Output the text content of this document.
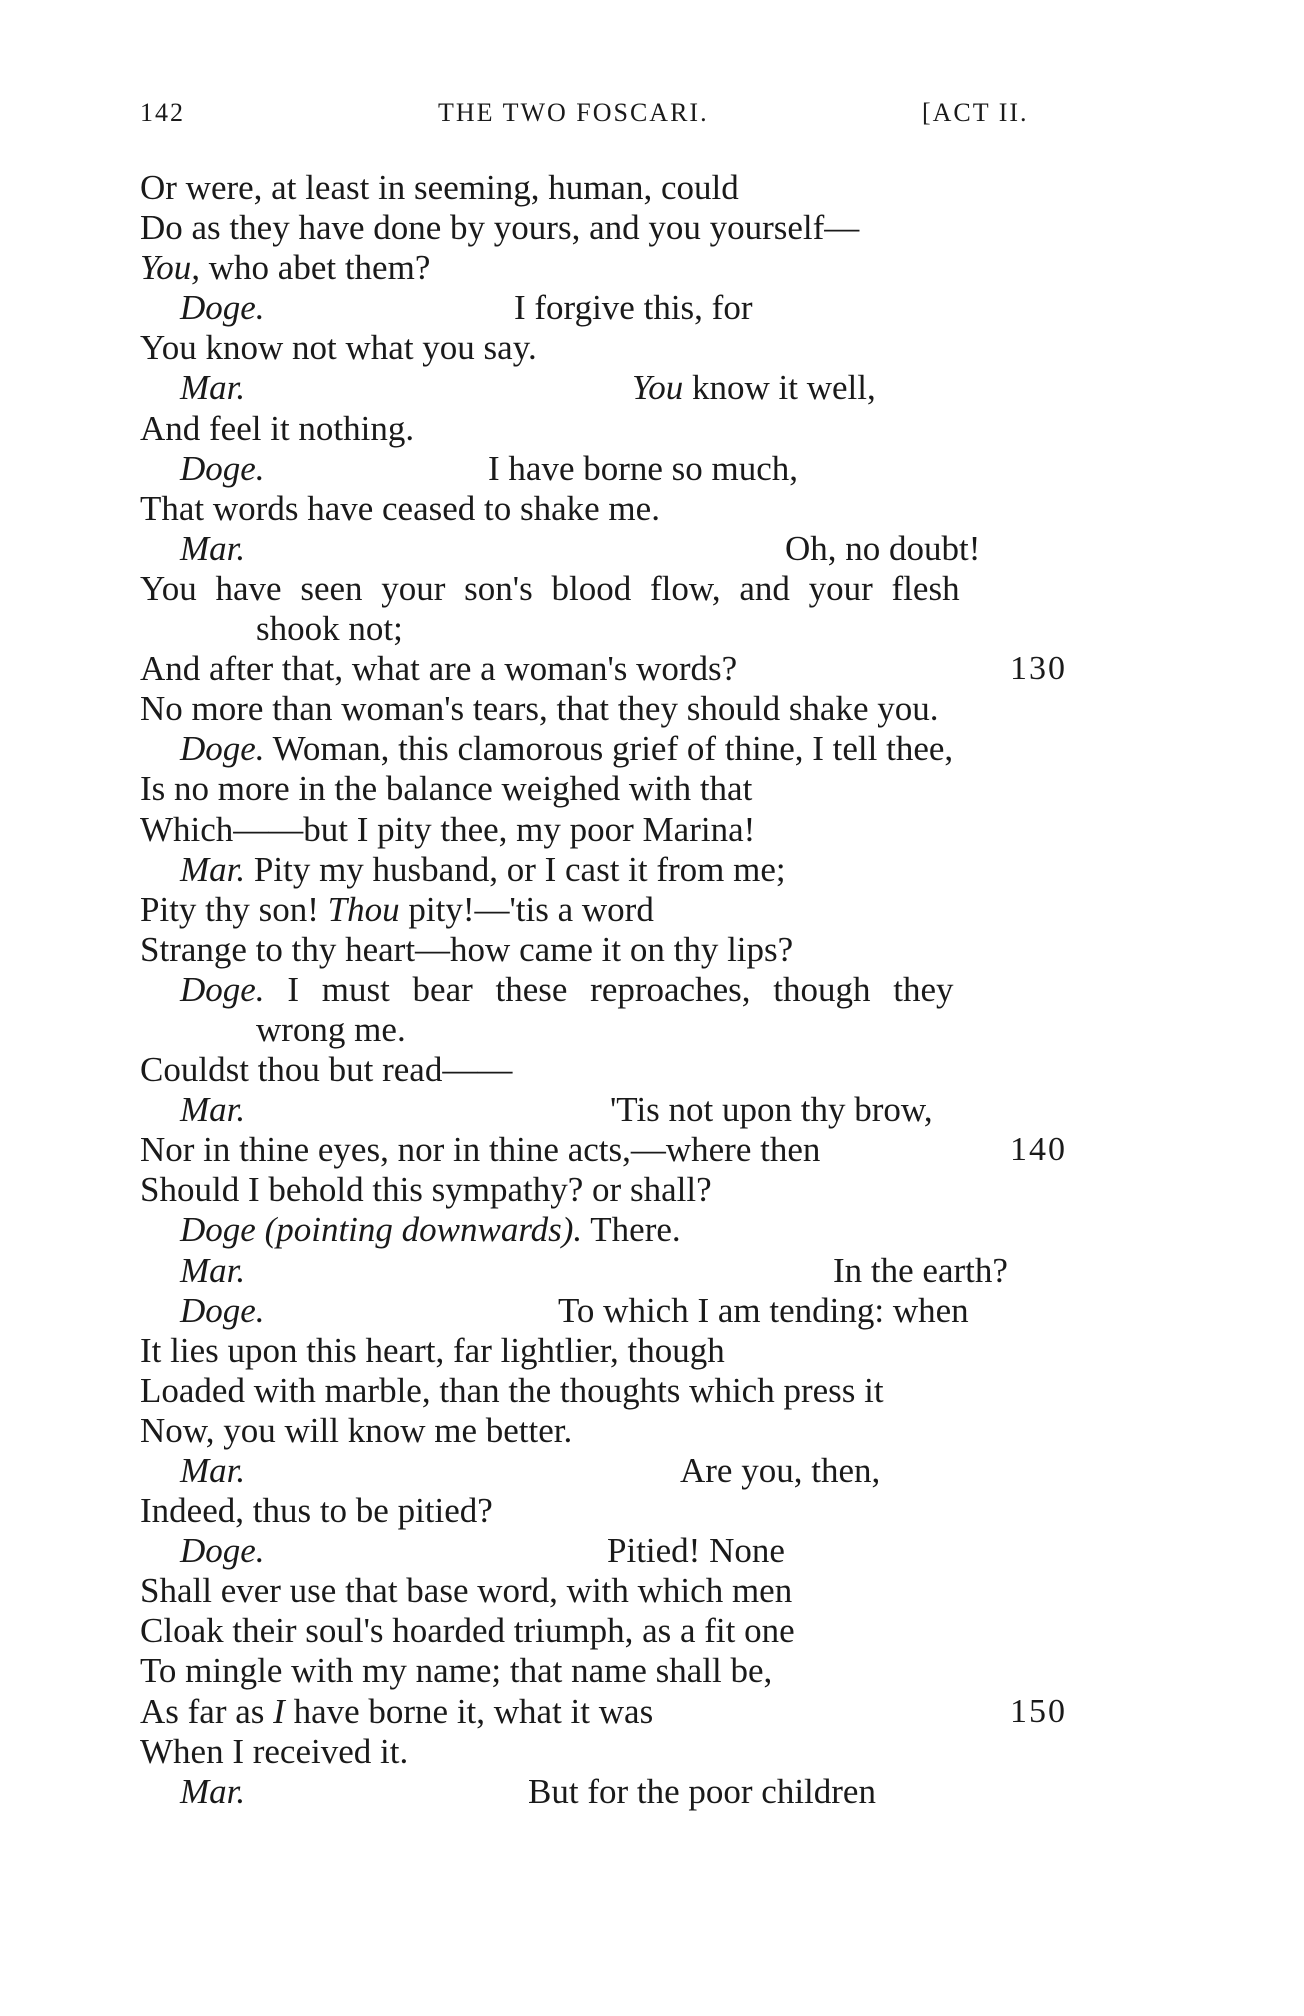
142	THE TWO FOSCARI.	[ACT II.
Or were, at least in seeming, human, could
Do as they have done by yours, and you yourself—
You, who abet them?
Doge.	I forgive this, for
You know not what you say.
Mar.	You know it well,
And feel it nothing.
Doge.	I have borne so much,
That words have ceased to shake me.
Mar.	Oh, no doubt!
You have seen your son's blood flow, and your flesh
shook not;
And after that, what are a woman's words?	130
No more than woman's tears, that they should shake you.
Doge. Woman, this clamorous grief of thine, I tell thee,
Is no more in the balance weighed with that
Which——but I pity thee, my poor Marina!
Mar. Pity my husband, or I cast it from me;
Pity thy son! Thou pity!—'tis a word
Strange to thy heart—how came it on thy lips?
Doge. I must bear these reproaches, though they
wrong me.
Couldst thou but read——
Mar.	'Tis not upon thy brow,
Nor in thine eyes, nor in thine acts,—where then	140
Should I behold this sympathy? or shall?
Doge (pointing downwards). There.
Mar.	In the earth?
Doge.	To which I am tending: when
It lies upon this heart, far lightlier, though
Loaded with marble, than the thoughts which press it
Now, you will know me better.
Mar.	Are you, then,
Indeed, thus to be pitied?
Doge.	Pitied! None
Shall ever use that base word, with which men
Cloak their soul's hoarded triumph, as a fit one
To mingle with my name; that name shall be,
As far as I have borne it, what it was	150
When I received it.
Mar.	But for the poor children
